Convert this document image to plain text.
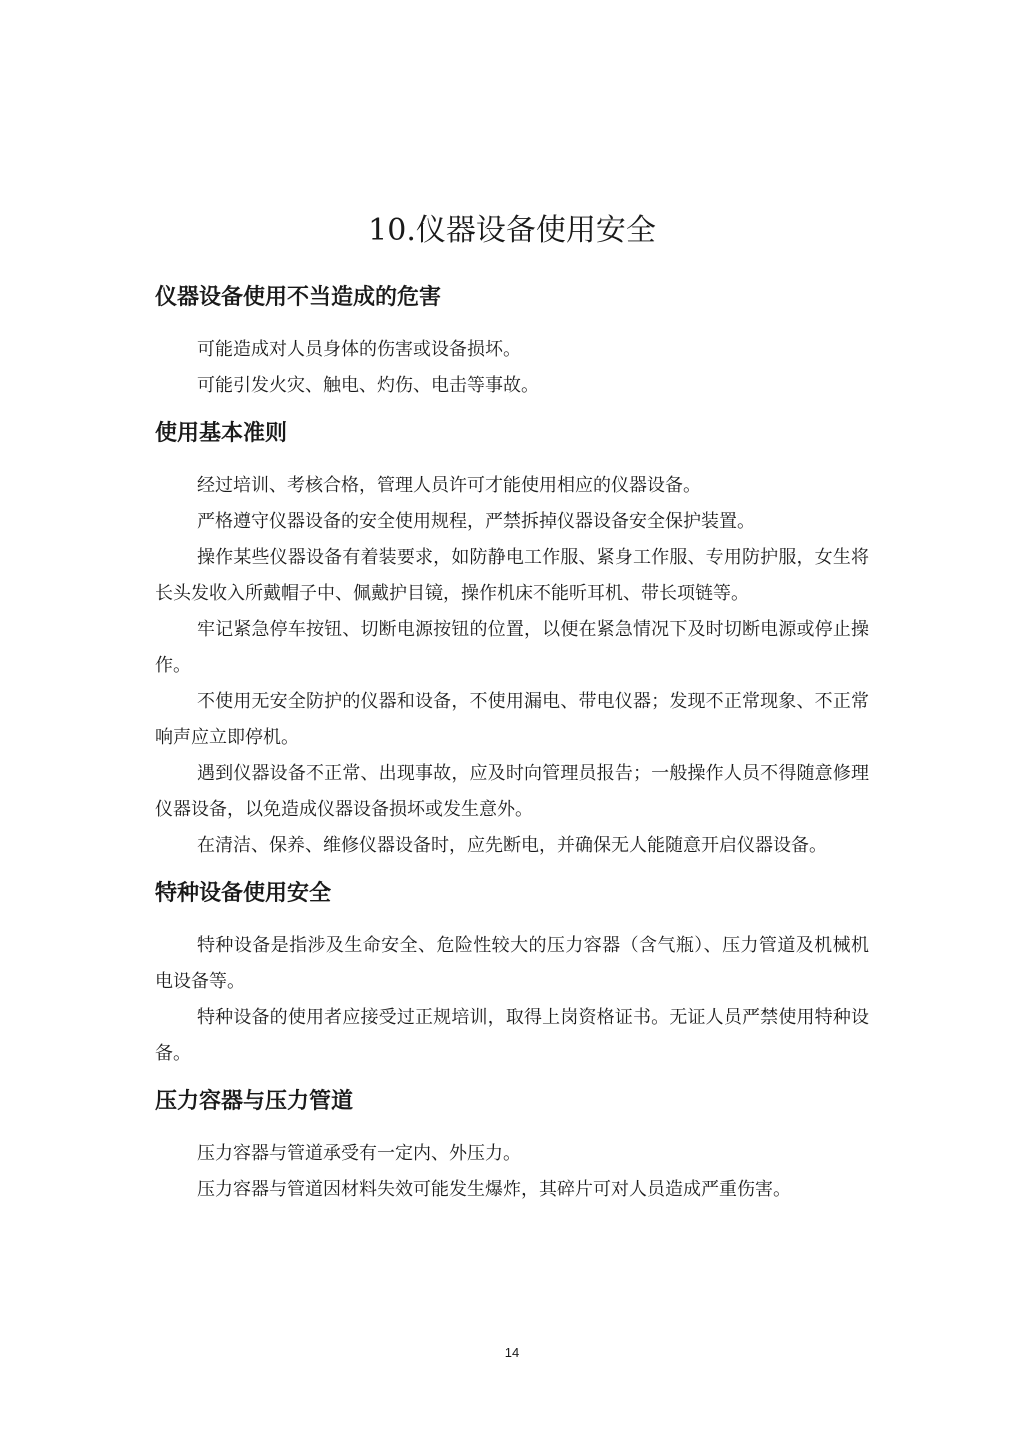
10.仪器设备使用安全
仪器设备使用不当造成的危害

可能造成对人员身体的伤害或设备损坏。

可能引发火灾、触电、灼伤、电击等事故。

使用基本准则

经过培训、考核合格，管理人员许可才能使用相应的仪器设备。

严格遵守仪器设备的安全使用规程，严禁拆掉仪器设备安全保护装置。

操作某些仪器设备有着装要求，如防静电工作服、紧身工作服、专用防护服，女生将长头发收入所戴帽子中、佩戴护目镜，操作机床不能听耳机、带长项链等。

牢记紧急停车按钮、切断电源按钮的位置，以便在紧急情况下及时切断电源或停止操作。

不使用无安全防护的仪器和设备，不使用漏电、带电仪器；发现不正常现象、不正常响声应立即停机。

遇到仪器设备不正常、出现事故，应及时向管理员报告；一般操作人员不得随意修理仪器设备，以免造成仪器设备损坏或发生意外。

在清洁、保养、维修仪器设备时，应先断电，并确保无人能随意开启仪器设备。

特种设备使用安全

特种设备是指涉及生命安全、危险性较大的压力容器（含气瓶）、压力管道及机械机电设备等。

特种设备的使用者应接受过正规培训，取得上岗资格证书。无证人员严禁使用特种设备。

压力容器与压力管道

压力容器与管道承受有一定内、外压力。

压力容器与管道因材料失效可能发生爆炸，其碎片可对人员造成严重伤害。

14
